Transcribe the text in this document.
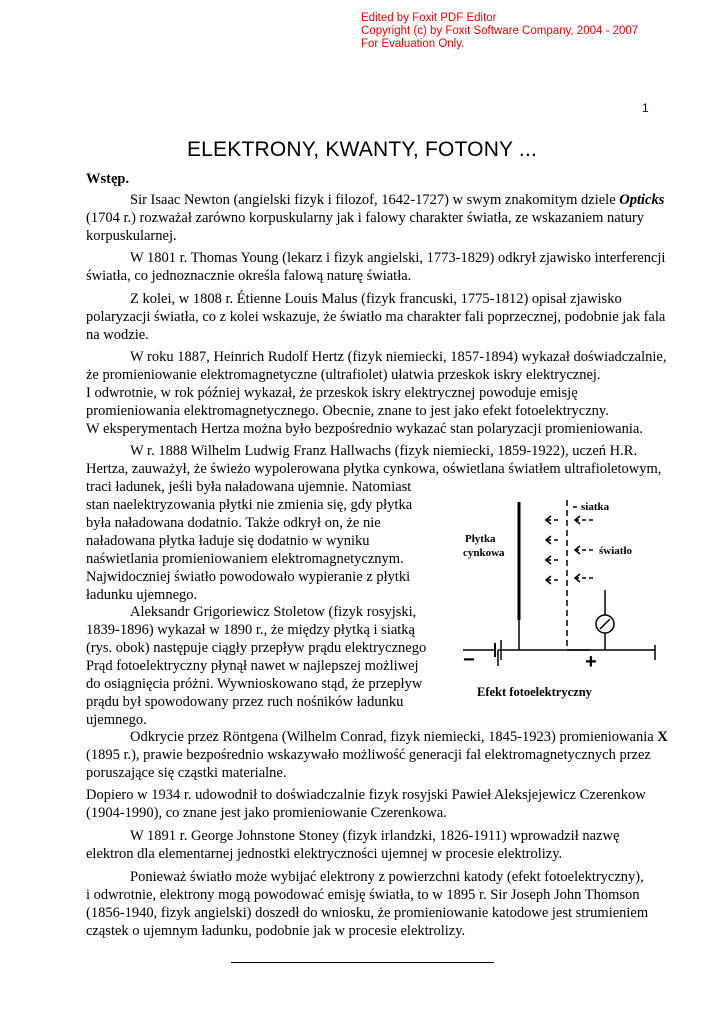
Edited by Foxit PDF Editor
Copyright (c) by Foxit Software Company, 2004 - 2007
For Evaluation Only.
1
ELEKTRONY, KWANTY, FOTONY ...
Wstęp.
Sir Isaac Newton (angielski fizyk i filozof, 1642-1727) w swym znakomitym dziele Opticks
(1704 r.) rozważał zarówno korpuskularny jak i falowy charakter światła, ze wskazaniem natury
korpuskularnej.
W 1801 r. Thomas Young (lekarz i fizyk angielski, 1773-1829) odkrył zjawisko interferencji
światła, co jednoznacznie określa falową naturę światła.
Z kolei, w 1808 r. Étienne Louis Malus (fizyk francuski, 1775-1812) opisał zjawisko
polaryzacji światła, co z kolei wskazuje, że światło ma charakter fali poprzecznej, podobnie jak fala
na wodzie.
W roku 1887, Heinrich Rudolf Hertz (fizyk niemiecki, 1857-1894) wykazał doświadczalnie,
że promieniowanie elektromagnetyczne (ultrafiolet) ułatwia przeskok iskry elektrycznej.
I odwrotnie, w rok później wykazał, że przeskok iskry elektrycznej powoduje emisję
promieniowania elektromagnetycznego. Obecnie, znane to jest jako efekt fotoelektryczny.
W eksperymentach Hertza można było bezpośrednio wykazać stan polaryzacji promieniowania.
W r. 1888 Wilhelm Ludwig Franz Hallwachs (fizyk niemiecki, 1859-1922), uczeń H.R.
Hertza, zauważył, że świeżo wypolerowana płytka cynkowa, oświetlana światłem ultrafioletowym,
traci ładunek, jeśli była naładowana ujemnie. Natomiast
stan naelektryzowania płytki nie zmienia się, gdy płytka
była naładowana dodatnio. Także odkrył on, że nie
naładowana płytka ładuje się dodatnio w wyniku
naświetlania promieniowaniem elektromagnetycznym.
Najwidoczniej światło powodowało wypieranie z płytki
ładunku ujemnego.
Aleksandr Grigoriewicz Stoletow (fizyk rosyjski,
1839-1896) wykazał w 1890 r., że między płytką i siatką
(rys. obok) następuje ciągły przepływ prądu elektrycznego
Prąd fotoelektryczny płynął nawet w najlepszej możliwej
do osiągnięcia próżni. Wywnioskowano stąd, że przepływ
prądu był spowodowany przez ruch nośników ładunku
ujemnego.
Odkrycie przez Röntgena (Wilhelm Conrad, fizyk niemiecki, 1845-1923) promieniowania X
(1895 r.), prawie bezpośrednio wskazywało możliwość generacji fal elektromagnetycznych przez
poruszające się cząstki materialne.
Dopiero w 1934 r. udowodnił to doświadczalnie fizyk rosyjski Pawieł Aleksjejewicz Czerenkow
(1904-1990), co znane jest jako promieniowanie Czerenkowa.
W 1891 r. George Johnstone Stoney (fizyk irlandzki, 1826-1911) wprowadził nazwę
elektron dla elementarnej jednostki elektryczności ujemnej w procesie elektrolizy.
Ponieważ światło może wybijać elektrony z powierzchni katody (efekt fotoelektryczny),
i odwrotnie, elektrony mogą powodować emisję światła, to w 1895 r. Sir Joseph John Thomson
(1856-1940, fizyk angielski) doszedł do wniosku, że promieniowanie katodowe jest strumieniem
cząstek o ujemnym ładunku, podobnie jak w procesie elektrolizy.
siatka
Płytka
cynkowa	światło
−	+
Efekt fotoelektryczny
